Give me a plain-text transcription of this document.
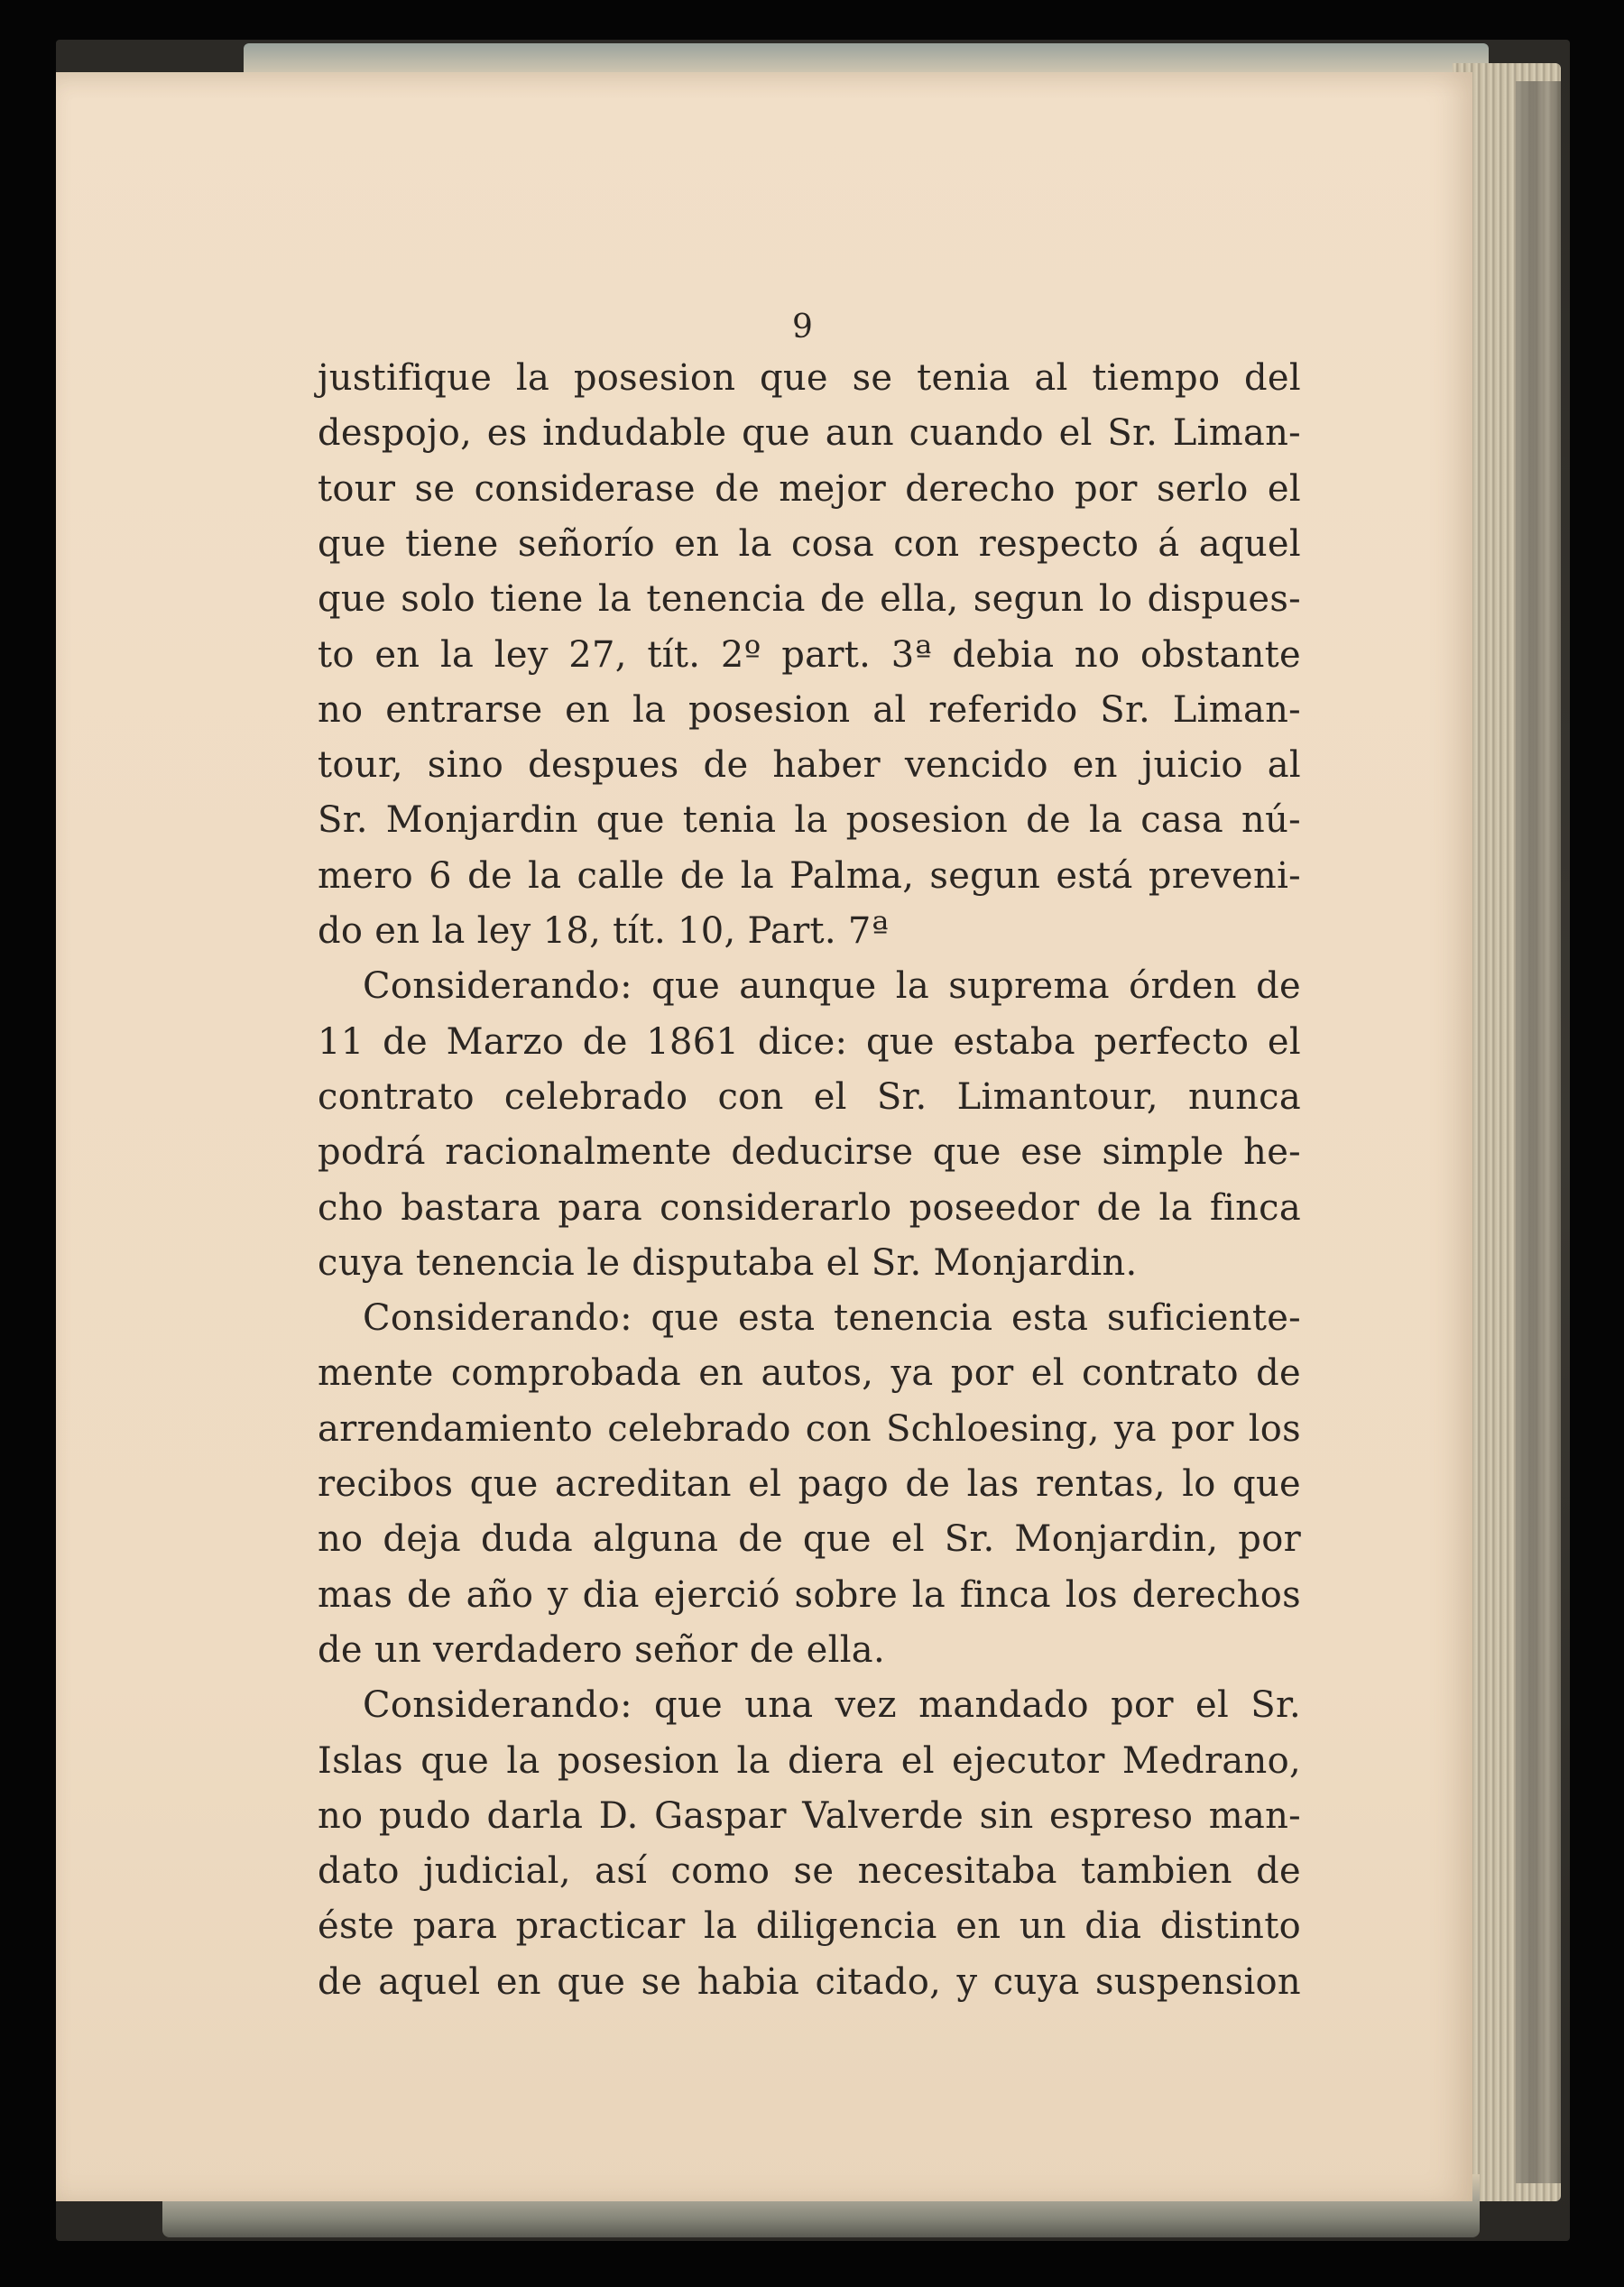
9
justifique la posesion que se tenia al tiempo del
despojo, es indudable que aun cuando el Sr. Liman-
tour se considerase de mejor derecho por serlo el
que tiene señorío en la cosa con respecto á aquel
que solo tiene la tenencia de ella, segun lo dispues-
to en la ley 27, tít. 2º part. 3ª debia no obstante
no entrarse en la posesion al referido Sr. Liman-
tour, sino despues de haber vencido en juicio al
Sr. Monjardin que tenia la posesion de la casa nú-
mero 6 de la calle de la Palma, segun está preveni-
do en la ley 18, tít. 10, Part. 7ª
Considerando: que aunque la suprema órden de
11 de Marzo de 1861 dice: que estaba perfecto el
contrato celebrado con el Sr. Limantour, nunca
podrá racionalmente deducirse que ese simple he-
cho bastara para considerarlo poseedor de la finca
cuya tenencia le disputaba el Sr. Monjardin.
Considerando: que esta tenencia esta suficiente-
mente comprobada en autos, ya por el contrato de
arrendamiento celebrado con Schloesing, ya por los
recibos que acreditan el pago de las rentas, lo que
no deja duda alguna de que el Sr. Monjardin, por
mas de año y dia ejerció sobre la finca los derechos
de un verdadero señor de ella.
Considerando: que una vez mandado por el Sr.
Islas que la posesion la diera el ejecutor Medrano,
no pudo darla D. Gaspar Valverde sin espreso man-
dato judicial, así como se necesitaba tambien de
éste para practicar la diligencia en un dia distinto
de aquel en que se habia citado, y cuya suspension
